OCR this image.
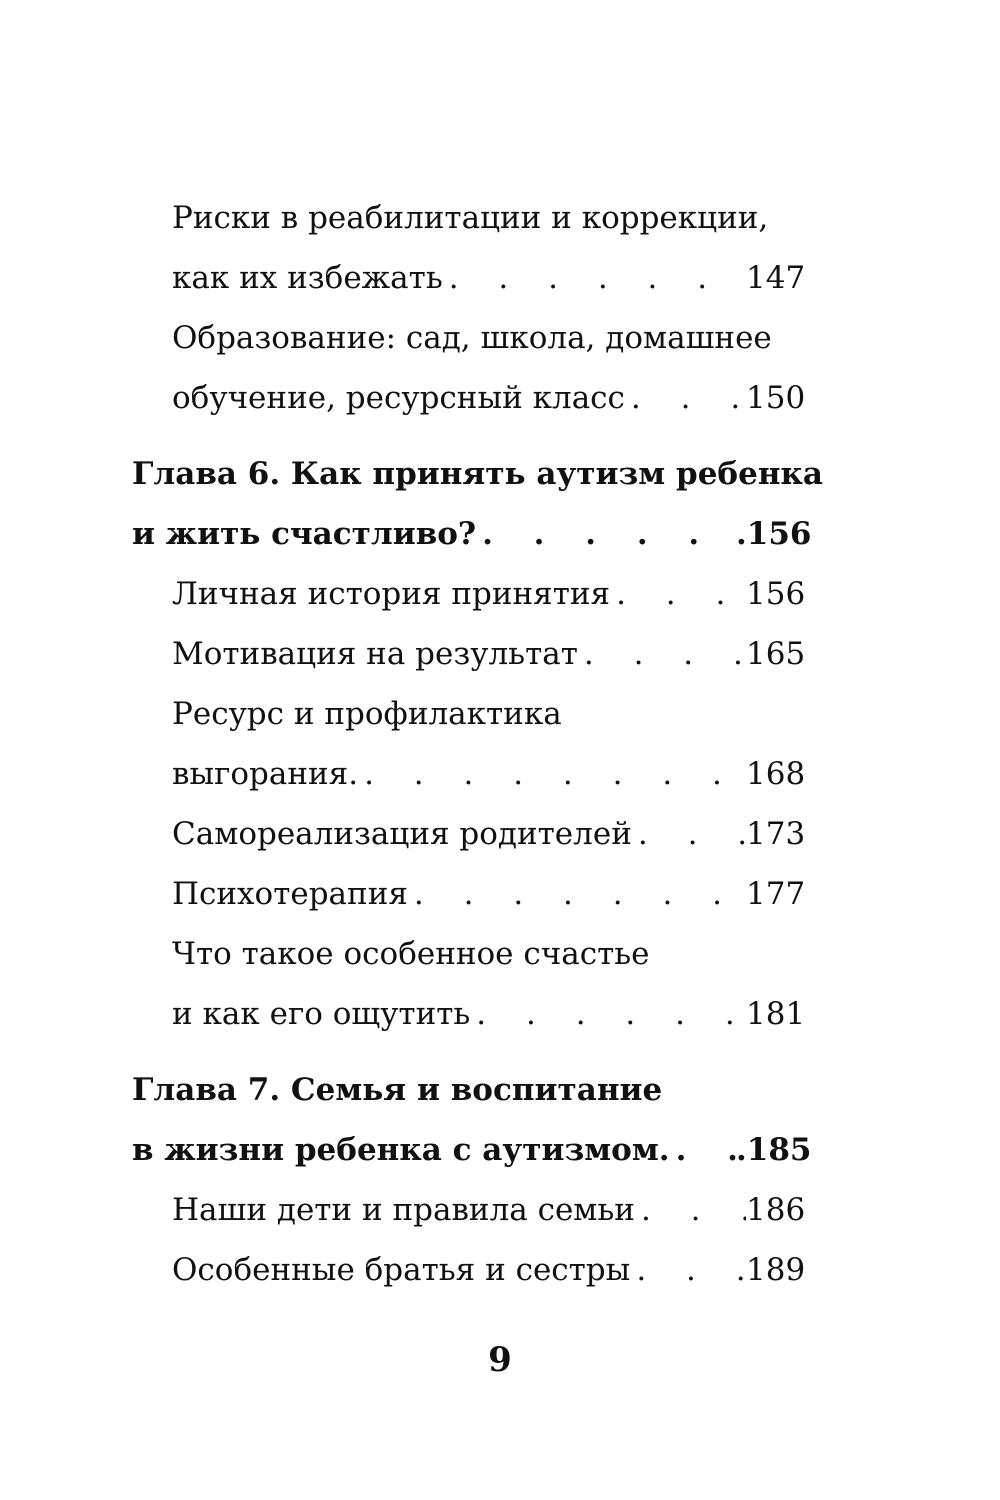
Риски в реабилитации и коррекции,
как их избежать . . .	147
Образование: сад, школа, домашнее
обучение, ресурсный класс . . .	150
Глава 6. Как принять аутизм ребенка
и жить счастливо? . . .	.156
Личная история принятия . . .	156
Мотивация на результат . . .	165
Ресурс и профилактика
выгорания. . . .	168
Самореализация родителей . . .	173
Психотерапия . . .	177
Что такое особенное счастье
и как его ощутить . . .	181
Глава 7. Семья и воспитание
в жизни ребенка с аутизмом. . . . .185
Наши дети и правила семьи . . .	186
Особенные братья и сестры . . .	189
9
